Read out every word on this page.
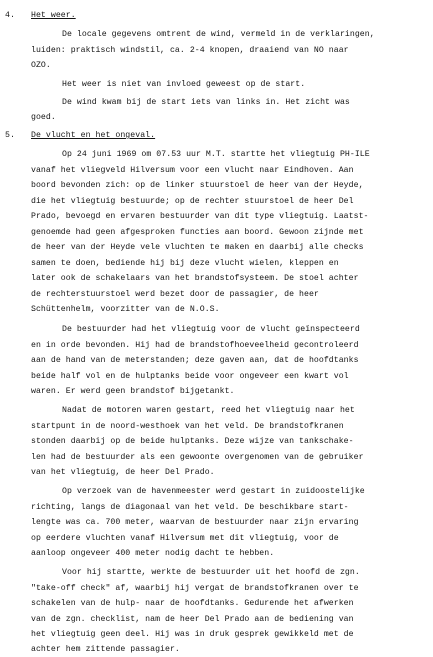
4. Het weer.
De locale gegevens omtrent de wind, vermeld in de verklaringen,
luiden: praktisch windstil, ca. 2-4 knopen, draaiend van NO naar
OZO.
Het weer is niet van invloed geweest op de start.
De wind kwam bij de start iets van links in. Het zicht was
goed.
5. De vlucht en het ongeval.
Op 24 juni 1969 om 07.53 uur M.T. startte het vliegtuig PH-ILE
vanaf het vliegveld Hilversum voor een vlucht naar Eindhoven. Aan
boord bevonden zich: op de linker stuurstoel de heer van der Heyde,
die het vliegtuig bestuurde; op de rechter stuurstoel de heer Del
Prado, bevoegd en ervaren bestuurder van dit type vliegtuig. Laatst-
genoemde had geen afgesproken functies aan boord. Gewoon zijnde met
de heer van der Heyde vele vluchten te maken en daarbij alle checks
samen te doen, bediende hij bij deze vlucht wielen, kleppen en
later ook de schakelaars van het brandstofsysteem. De stoel achter
de rechterstuurstoel werd bezet door de passagier, de heer
Schüttenhelm, voorzitter van de N.O.S.
De bestuurder had het vliegtuig voor de vlucht geïnspecteerd
en in orde bevonden. Hij had de brandstofhoeveelheid gecontroleerd
aan de hand van de meterstanden; deze gaven aan, dat de hoofdtanks
beide half vol en de hulptanks beide voor ongeveer een kwart vol
waren. Er werd geen brandstof bijgetankt.
Nadat de motoren waren gestart, reed het vliegtuig naar het
startpunt in de noord-westhoek van het veld. De brandstofkranen
stonden daarbij op de beide hulptanks. Deze wijze van tankschake-
len had de bestuurder als een gewoonte overgenomen van de gebruiker
van het vliegtuig, de heer Del Prado.
Op verzoek van de havenmeester werd gestart in zuidoostelijke
richting, langs de diagonaal van het veld. De beschikbare start-
lengte was ca. 700 meter, waarvan de bestuurder naar zijn ervaring
op eerdere vluchten vanaf Hilversum met dit vliegtuig, voor de
aanloop ongeveer 400 meter nodig dacht te hebben.
Voor hij startte, werkte de bestuurder uit het hoofd de zgn.
"take-off check" af, waarbij hij vergat de brandstofkranen over te
schakelen van de hulp- naar de hoofdtanks. Gedurende het afwerken
van de zgn. checklist, nam de heer Del Prado aan de bediening van
het vliegtuig geen deel. Hij was in druk gesprek gewikkeld met de
achter hem zittende passagier.
